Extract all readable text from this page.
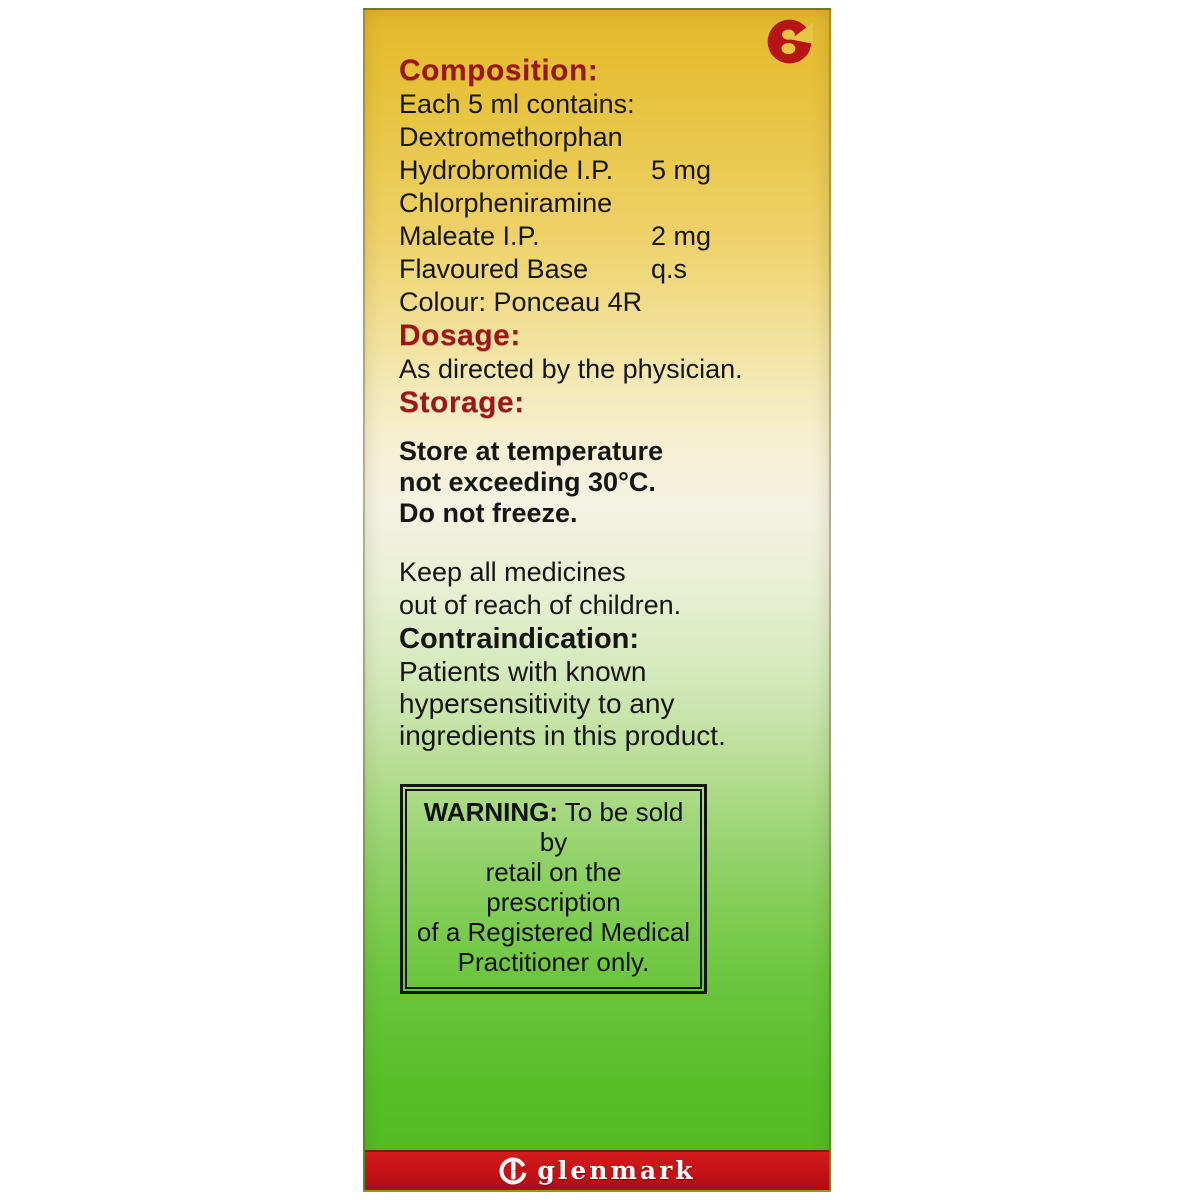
Composition:
Each 5 ml contains:
Dextromethorphan
Hydrobromide I.P. 5 mg
Chlorpheniramine
Maleate I.P.	2 mg
Flavoured Base q.s
Colour: Ponceau 4R
Dosage:
As directed by the physician.
Storage:
Store at temperature
not exceeding 30°C.
Do not freeze.
Keep all medicines
out of reach of children.
Contraindication:
Patients with known
hypersensitivity to any
ingredients in this product.
WARNING: To be sold by
retail on the prescription
of a Registered Medical
Practitioner only.
glenmark
